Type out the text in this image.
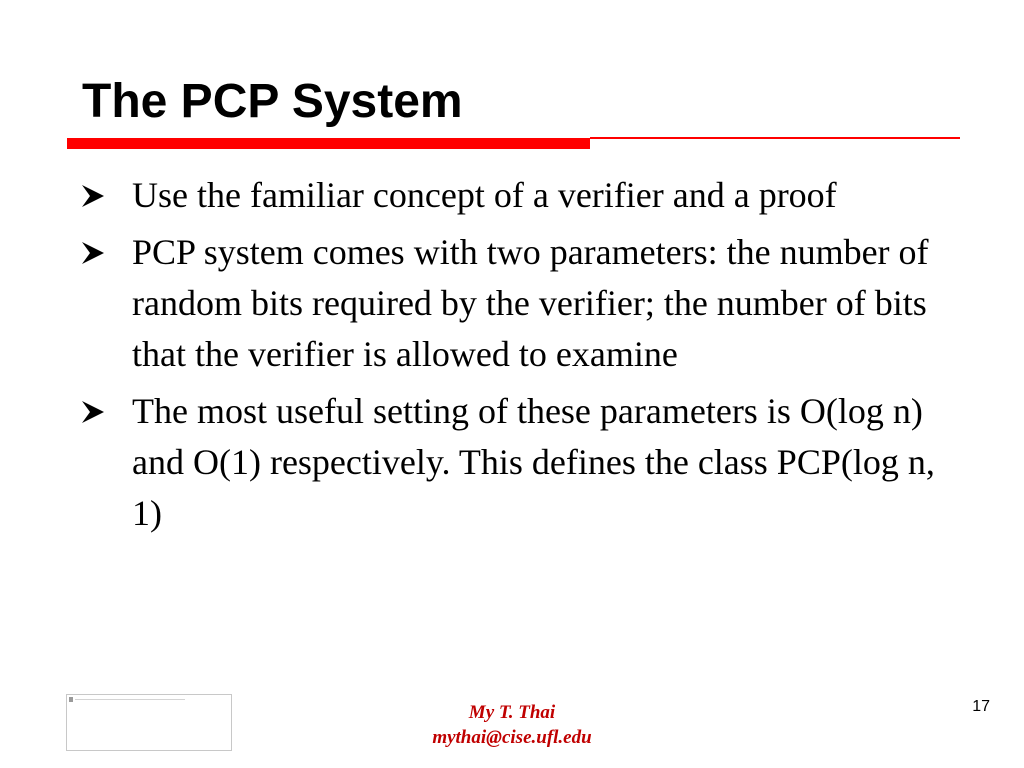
The PCP System
Use the familiar concept of a verifier and a proof
PCP system comes with two parameters: the number of random bits required by the verifier; the number of bits that the verifier is allowed to examine
The most useful setting of these parameters is O(log n) and O(1) respectively. This defines the class PCP(log n, 1)
My T. Thai
mythai@cise.ufl.edu
17
